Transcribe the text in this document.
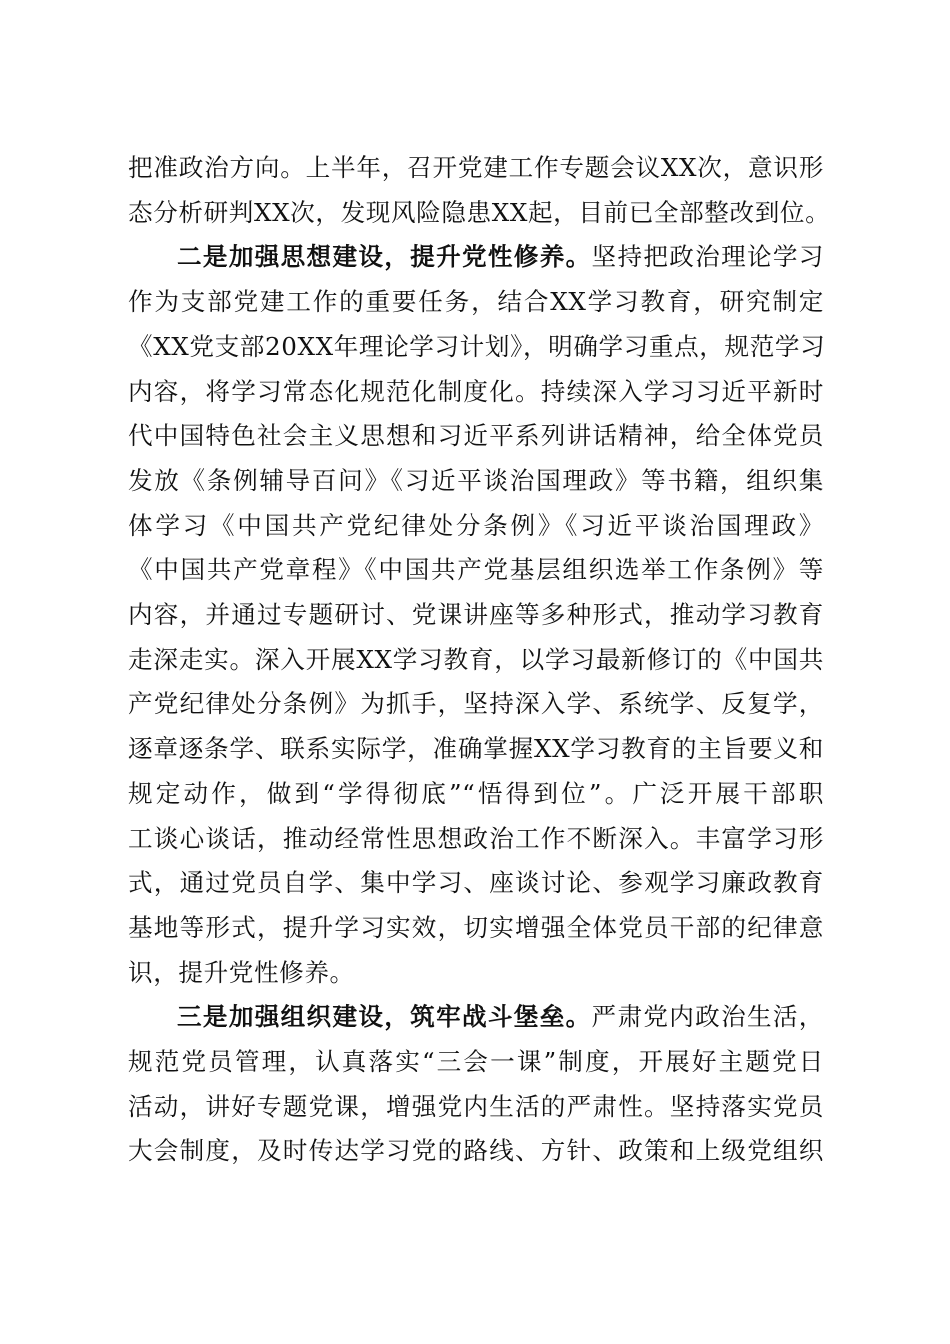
把准政治方向。上半年，召开党建工作专题会议XX次，意识形
态分析研判XX次，发现风险隐患XX起，目前已全部整改到位。

二是加强思想建设，提升党性修养。坚持把政治理论学习
作为支部党建工作的重要任务，结合XX学习教育，研究制定
《XX党支部20XX年理论学习计划》，明确学习重点，规范学习
内容，将学习常态化规范化制度化。持续深入学习习近平新时
代中国特色社会主义思想和习近平系列讲话精神，给全体党员
发放《条例辅导百问》《习近平谈治国理政》等书籍，组织集
体学习《中国共产党纪律处分条例》《习近平谈治国理政》
《中国共产党章程》《中国共产党基层组织选举工作条例》等
内容，并通过专题研讨、党课讲座等多种形式，推动学习教育
走深走实。深入开展XX学习教育，以学习最新修订的《中国共
产党纪律处分条例》为抓手，坚持深入学、系统学、反复学，
逐章逐条学、联系实际学，准确掌握XX学习教育的主旨要义和
规定动作，做到“学得彻底”“悟得到位”。广泛开展干部职
工谈心谈话，推动经常性思想政治工作不断深入。丰富学习形
式，通过党员自学、集中学习、座谈讨论、参观学习廉政教育
基地等形式，提升学习实效，切实增强全体党员干部的纪律意
识，提升党性修养。

三是加强组织建设，筑牢战斗堡垒。严肃党内政治生活，
规范党员管理，认真落实“三会一课”制度，开展好主题党日
活动，讲好专题党课，增强党内生活的严肃性。坚持落实党员
大会制度，及时传达学习党的路线、方针、政策和上级党组织
